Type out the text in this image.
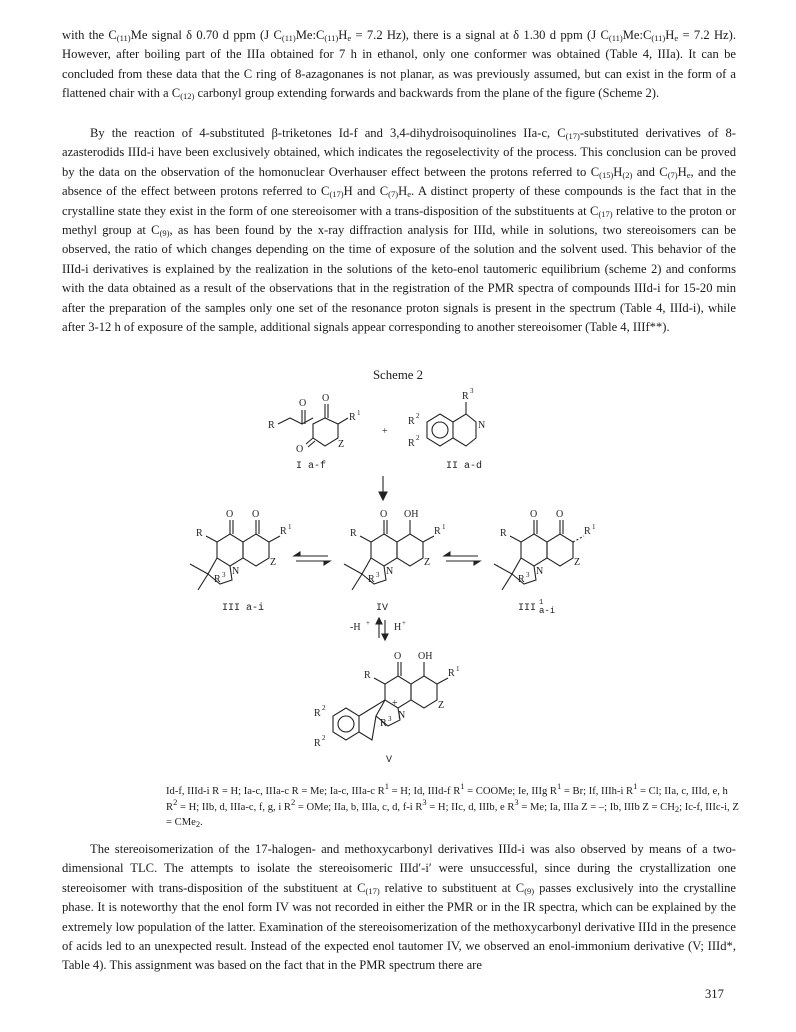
with the $C_{(11)}Me$ signal δ 0.70 d ppm (J $C_{(11)}Me:C_{(11)}H_e = 7.2$ Hz), there is a signal at δ 1.30 d ppm (J $C_{(11)}Me:C_{(11)}H_e = 7.2$ Hz). However, after boiling part of the IIIa obtained for 7 h in ethanol, only one conformer was obtained (Table 4, IIIa). It can be concluded from these data that the C ring of 8-azagonanes is not planar, as was previously assumed, but can exist in the form of a flattened chair with a $C_{(12)}$ carbonyl group extending forwards and backwards from the plane of the figure (Scheme 2).

By the reaction of 4-substituted β-triketones Id-f and 3,4-dihydroisoquinolines IIa-c, $C_{(17)}$-substituted derivatives of 8-azasterodids IIId-i have been exclusively obtained, which indicates the regoselectivity of the process. This conclusion can be proved by the data on the observation of the homonuclear Overhauser effect between the protons referred to $C_{(15)}H_{(2)}$ and $C_{(7)}H_e$, and the absence of the effect between protons referred to $C_{(17)}H$ and $C_{(7)}H_e$. A distinct property of these compounds is the fact that in the crystalline state they exist in the form of one stereoisomer with a trans-disposition of the substituents at $C_{(17)}$ relative to the proton or methyl group at $C_{(9)}$, as has been found by the x-ray diffraction analysis for IIId, while in solutions, two stereoisomers can be observed, the ratio of which changes depending on the time of exposure of the solution and the solvent used. This behavior of the IIId-i derivatives is explained by the realization in the solutions of the keto-enol tautomeric equilibrium (scheme 2) and conforms with the data obtained as a result of the observations that in the registration of the PMR spectra of compounds IIId-i for 15-20 min after the preparation of the samples only one set of the resonance proton signals is present in the spectrum (Table 4, IIId-i), while after 3-12 h of exposure of the sample, additional signals appear corresponding to another stereoisomer (Table 4, IIIf**).

Scheme 2
O O
O
R
Z
R 1
I a-f
+
R 3
N
R 2
R 2
II a-d
O O
R	R 1
N
Z
R 3
III a-i
O OH
R	R 1
N
Z
R 3
IV
O O
R	R 1
N
Z
R 3
III 1
a-i
-H + H +
O OH
R	R 1
N
+	Z
R 3
R 2
R 2
V

Id-f, IIId-i R = H; Ia-c, IIIa-c R = Me; Ia-c, IIIa-c $R^1 = H$; Id, IIId-f $R^1$ = COOMe; Ie, IIIg $R^1 = Br$; If, IIIh-i $R^1 = Cl$; IIa, c, IIId, e, h $R^2 = H$; IIb, d, IIIa-c, f, g, i $R^2$ = OMe; IIa, b, IIIa, c, d, f-i $R^3 = H$; IIc, d, IIIb, e $R^3 = Me$; Ia, IIIa Z = –; Ib, IIIb $Z = CH_2$; Ic-f, IIIc-i, Z = CMe$_2$.

The stereoisomerization of the 17-halogen- and methoxycarbonyl derivatives IIId-i was also observed by means of a two-dimensional TLC. The attempts to isolate the stereoisomeric IIId′-i′ were unsuccessful, since during the crystallization one stereoisomer with trans-disposition of the substituent at $C_{(17)}$ relative to substituent at $C_{(9)}$ passes exclusively into the crystalline phase. It is noteworthy that the enol form IV was not recorded in either the PMR or in the IR spectra, which can be explained by the extremely low population of the latter. Examination of the stereoisomerization of the methoxycarbonyl derivative IIId in the presence of acids led to an unexpected result. Instead of the expected enol tautomer IV, we observed an enol-immonium derivative (V; IIId*, Table 4). This assignment was based on the fact that in the PMR spectrum there are

317
